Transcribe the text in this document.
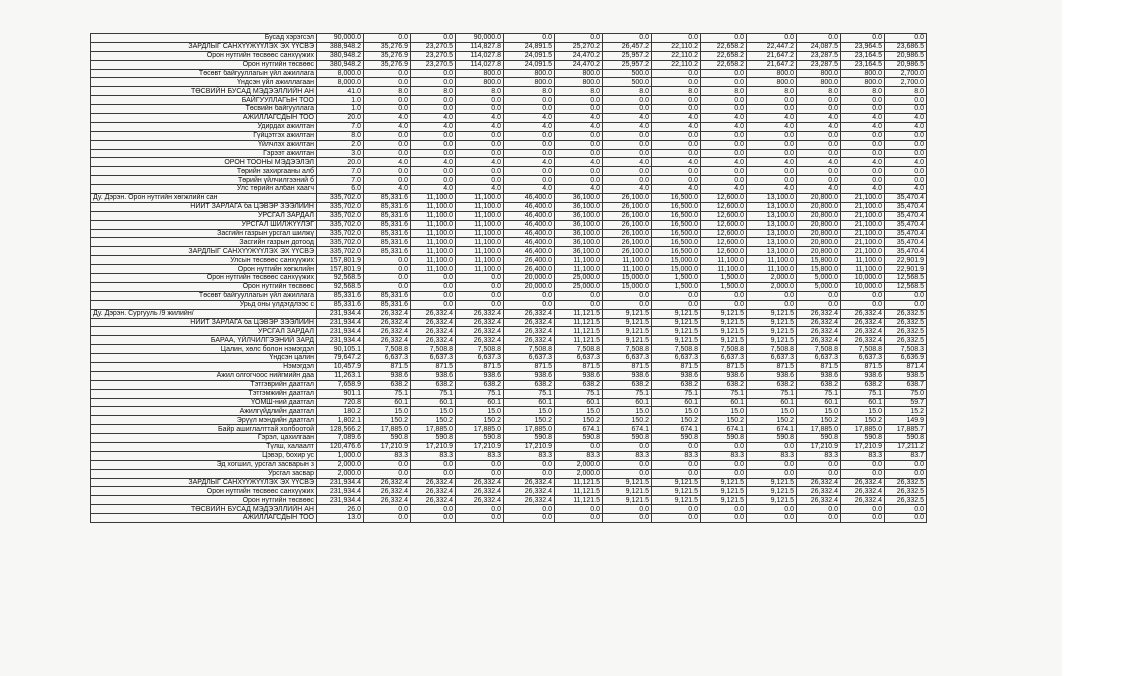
Бусад хэрэгсэл	90,000.0	0.0	0.0	90,000.0	0.0	0.0	0.0	0.0	0.0	0.0	0.0	0.0	0.0
ЗАРДЛЫГ САНХҮҮЖҮҮЛЭХ ЭХ ҮҮСВЭ	388,948.2	35,276.9	23,270.5	114,827.8	24,891.5	25,270.2	26,457.2	22,110.2	22,658.2	22,447.2	24,087.5	23,964.5	23,686.5
Орон нутгийн төсвөөс санхүүжих	380,948.2	35,276.9	23,270.5	114,027.8	24,091.5	24,470.2	25,957.2	22,110.2	22,658.2	21,647.2	23,287.5	23,164.5	20,986.5
Орон нутгийн төсвөөс	380,948.2	35,276.9	23,270.5	114,027.8	24,091.5	24,470.2	25,957.2	22,110.2	22,658.2	21,647.2	23,287.5	23,164.5	20,986.5
Төсөвт байгууллагын үйл ажиллага	8,000.0	0.0	0.0	800.0	800.0	800.0	500.0	0.0	0.0	800.0	800.0	800.0	2,700.0
Үндсэн үйл ажиллагаан	8,000.0	0.0	0.0	800.0	800.0	800.0	500.0	0.0	0.0	800.0	800.0	800.0	2,700.0
ТӨСВИЙН БУСАД МЭДЭЭЛЛИЙН АН	41.0	8.0	8.0	8.0	8.0	8.0	8.0	8.0	8.0	8.0	8.0	8.0	8.0
БАЙГУУЛЛАГЫН ТОО	1.0	0.0	0.0	0.0	0.0	0.0	0.0	0.0	0.0	0.0	0.0	0.0	0.0
Төсвийн байгууллага	1.0	0.0	0.0	0.0	0.0	0.0	0.0	0.0	0.0	0.0	0.0	0.0	0.0
АЖИЛЛАГСДЫН ТОО	20.0	4.0	4.0	4.0	4.0	4.0	4.0	4.0	4.0	4.0	4.0	4.0	4.0
Удирдах ажилтан	7.0	4.0	4.0	4.0	4.0	4.0	4.0	4.0	4.0	4.0	4.0	4.0	4.0
Гүйцэтгэх ажилтан	8.0	0.0	0.0	0.0	0.0	0.0	0.0	0.0	0.0	0.0	0.0	0.0	0.0
Үйлчлэх ажилтан	2.0	0.0	0.0	0.0	0.0	0.0	0.0	0.0	0.0	0.0	0.0	0.0	0.0
Гэрээт ажилтан	3.0	0.0	0.0	0.0	0.0	0.0	0.0	0.0	0.0	0.0	0.0	0.0	0.0
ОРОН ТООНЫ МЭДЭЭЛЭЛ	20.0	4.0	4.0	4.0	4.0	4.0	4.0	4.0	4.0	4.0	4.0	4.0	4.0
Төрийн захиргааны алб	7.0	0.0	0.0	0.0	0.0	0.0	0.0	0.0	0.0	0.0	0.0	0.0	0.0
Төрийн үйлчилгээний б	7.0	0.0	0.0	0.0	0.0	0.0	0.0	0.0	0.0	0.0	0.0	0.0	0.0
Улс төрийн албан хаагч	6.0	4.0	4.0	4.0	4.0	4.0	4.0	4.0	4.0	4.0	4.0	4.0	4.0
Ду. Дэрэн. Орон нутгийн хөгжлийн сан	335,702.0	85,331.6	11,100.0	11,100.0	46,400.0	36,100.0	26,100.0	16,500.0	12,600.0	13,100.0	20,800.0	21,100.0	35,470.4
НИЙТ ЗАРЛАГА ба ЦЭВЭР ЗЭЭЛИЙН	335,702.0	85,331.6	11,100.0	11,100.0	46,400.0	36,100.0	26,100.0	16,500.0	12,600.0	13,100.0	20,800.0	21,100.0	35,470.4
УРСГАЛ ЗАРДАЛ	335,702.0	85,331.6	11,100.0	11,100.0	46,400.0	36,100.0	26,100.0	16,500.0	12,600.0	13,100.0	20,800.0	21,100.0	35,470.4
УРСГАЛ ШИЛЖҮҮЛЭГ	335,702.0	85,331.6	11,100.0	11,100.0	46,400.0	36,100.0	26,100.0	16,500.0	12,600.0	13,100.0	20,800.0	21,100.0	35,470.4
Засгийн газрын урсгал шилжү	335,702.0	85,331.6	11,100.0	11,100.0	46,400.0	36,100.0	26,100.0	16,500.0	12,600.0	13,100.0	20,800.0	21,100.0	35,470.4
Засгийн газрын дотоод	335,702.0	85,331.6	11,100.0	11,100.0	46,400.0	36,100.0	26,100.0	16,500.0	12,600.0	13,100.0	20,800.0	21,100.0	35,470.4
ЗАРДЛЫГ САНХҮҮЖҮҮЛЭХ ЭХ ҮҮСВЭ	335,702.0	85,331.6	11,100.0	11,100.0	46,400.0	36,100.0	26,100.0	16,500.0	12,600.0	13,100.0	20,800.0	21,100.0	35,470.4
Улсын төсвөөс санхүүжих	157,801.9	0.0	11,100.0	11,100.0	26,400.0	11,100.0	11,100.0	15,000.0	11,100.0	11,100.0	15,800.0	11,100.0	22,901.9
Орон нутгийн хөгжлийн	157,801.9	0.0	11,100.0	11,100.0	26,400.0	11,100.0	11,100.0	15,000.0	11,100.0	11,100.0	15,800.0	11,100.0	22,901.9
Орон нутгийн төсвөөс санхүүжих	92,568.5	0.0	0.0	0.0	20,000.0	25,000.0	15,000.0	1,500.0	1,500.0	2,000.0	5,000.0	10,000.0	12,568.5
Орон нутгийн төсвөөс	92,568.5	0.0	0.0	0.0	20,000.0	25,000.0	15,000.0	1,500.0	1,500.0	2,000.0	5,000.0	10,000.0	12,568.5
Төсөвт байгууллагын үйл ажиллага	85,331.6	85,331.6	0.0	0.0	0.0	0.0	0.0	0.0	0.0	0.0	0.0	0.0	0.0
Урьд оны үлдэгдлээс с	85,331.6	85,331.6	0.0	0.0	0.0	0.0	0.0	0.0	0.0	0.0	0.0	0.0	0.0
Ду. Дэрэн. Сургууль /9 жилийн/	231,934.4	26,332.4	26,332.4	26,332.4	26,332.4	11,121.5	9,121.5	9,121.5	9,121.5	9,121.5	26,332.4	26,332.4	26,332.5
НИЙТ ЗАРЛАГА ба ЦЭВЭР ЗЭЭЛИЙН	231,934.4	26,332.4	26,332.4	26,332.4	26,332.4	11,121.5	9,121.5	9,121.5	9,121.5	9,121.5	26,332.4	26,332.4	26,332.5
УРСГАЛ ЗАРДАЛ	231,934.4	26,332.4	26,332.4	26,332.4	26,332.4	11,121.5	9,121.5	9,121.5	9,121.5	9,121.5	26,332.4	26,332.4	26,332.5
БАРАА, ҮЙЛЧИЛГЭЭНИЙ ЗАРД	231,934.4	26,332.4	26,332.4	26,332.4	26,332.4	11,121.5	9,121.5	9,121.5	9,121.5	9,121.5	26,332.4	26,332.4	26,332.5
Цалин, хөлс болон нэмэгдэл	90,105.1	7,508.8	7,508.8	7,508.8	7,508.8	7,508.8	7,508.8	7,508.8	7,508.8	7,508.8	7,508.8	7,508.8	7,508.3
Үндсэн цалин	79,647.2	6,637.3	6,637.3	6,637.3	6,637.3	6,637.3	6,637.3	6,637.3	6,637.3	6,637.3	6,637.3	6,637.3	6,636.9
Нэмэгдэл	10,457.9	871.5	871.5	871.5	871.5	871.5	871.5	871.5	871.5	871.5	871.5	871.5	871.4
Ажил олгогчоос нийгмийн даа	11,263.1	938.6	938.6	938.6	938.6	938.6	938.6	938.6	938.6	938.6	938.6	938.6	938.5
Тэтгэврийн даатгал	7,658.9	638.2	638.2	638.2	638.2	638.2	638.2	638.2	638.2	638.2	638.2	638.2	638.7
Тэтгэмжийн даатгал	901.1	75.1	75.1	75.1	75.1	75.1	75.1	75.1	75.1	75.1	75.1	75.1	75.0
ҮОМШ-ний даатгал	720.8	60.1	60.1	60.1	60.1	60.1	60.1	60.1	60.1	60.1	60.1	60.1	59.7
Ажилгүйдлийн даатгал	180.2	15.0	15.0	15.0	15.0	15.0	15.0	15.0	15.0	15.0	15.0	15.0	15.2
Эрүүл мэндийн даатгал	1,802.1	150.2	150.2	150.2	150.2	150.2	150.2	150.2	150.2	150.2	150.2	150.2	149.9
Байр ашиглалттай холбоотой	128,566.2	17,885.0	17,885.0	17,885.0	17,885.0	674.1	674.1	674.1	674.1	674.1	17,885.0	17,885.0	17,885.7
Гэрэл, цахилгаан	7,089.6	590.8	590.8	590.8	590.8	590.8	590.8	590.8	590.8	590.8	590.8	590.8	590.8
Түлш, халаалт	120,476.6	17,210.9	17,210.9	17,210.9	17,210.9	0.0	0.0	0.0	0.0	0.0	17,210.9	17,210.9	17,211.2
Цэвэр, бохир ус	1,000.0	83.3	83.3	83.3	83.3	83.3	83.3	83.3	83.3	83.3	83.3	83.3	83.7
Эд хогшил, урсгал засварын з	2,000.0	0.0	0.0	0.0	0.0	2,000.0	0.0	0.0	0.0	0.0	0.0	0.0	0.0
Урсгал засвар	2,000.0	0.0	0.0	0.0	0.0	2,000.0	0.0	0.0	0.0	0.0	0.0	0.0	0.0
ЗАРДЛЫГ САНХҮҮЖҮҮЛЭХ ЭХ ҮҮСВЭ	231,934.4	26,332.4	26,332.4	26,332.4	26,332.4	11,121.5	9,121.5	9,121.5	9,121.5	9,121.5	26,332.4	26,332.4	26,332.5
Орон нутгийн төсвөөс санхүүжих	231,934.4	26,332.4	26,332.4	26,332.4	26,332.4	11,121.5	9,121.5	9,121.5	9,121.5	9,121.5	26,332.4	26,332.4	26,332.5
Орон нутгийн төсвөөс	231,934.4	26,332.4	26,332.4	26,332.4	26,332.4	11,121.5	9,121.5	9,121.5	9,121.5	9,121.5	26,332.4	26,332.4	26,332.5
ТӨСВИЙН БУСАД МЭДЭЭЛЛИЙН АН	26.0	0.0	0.0	0.0	0.0	0.0	0.0	0.0	0.0	0.0	0.0	0.0	0.0
АЖИЛЛАГСДЫН ТОО	13.0	0.0	0.0	0.0	0.0	0.0	0.0	0.0	0.0	0.0	0.0	0.0	0.0
